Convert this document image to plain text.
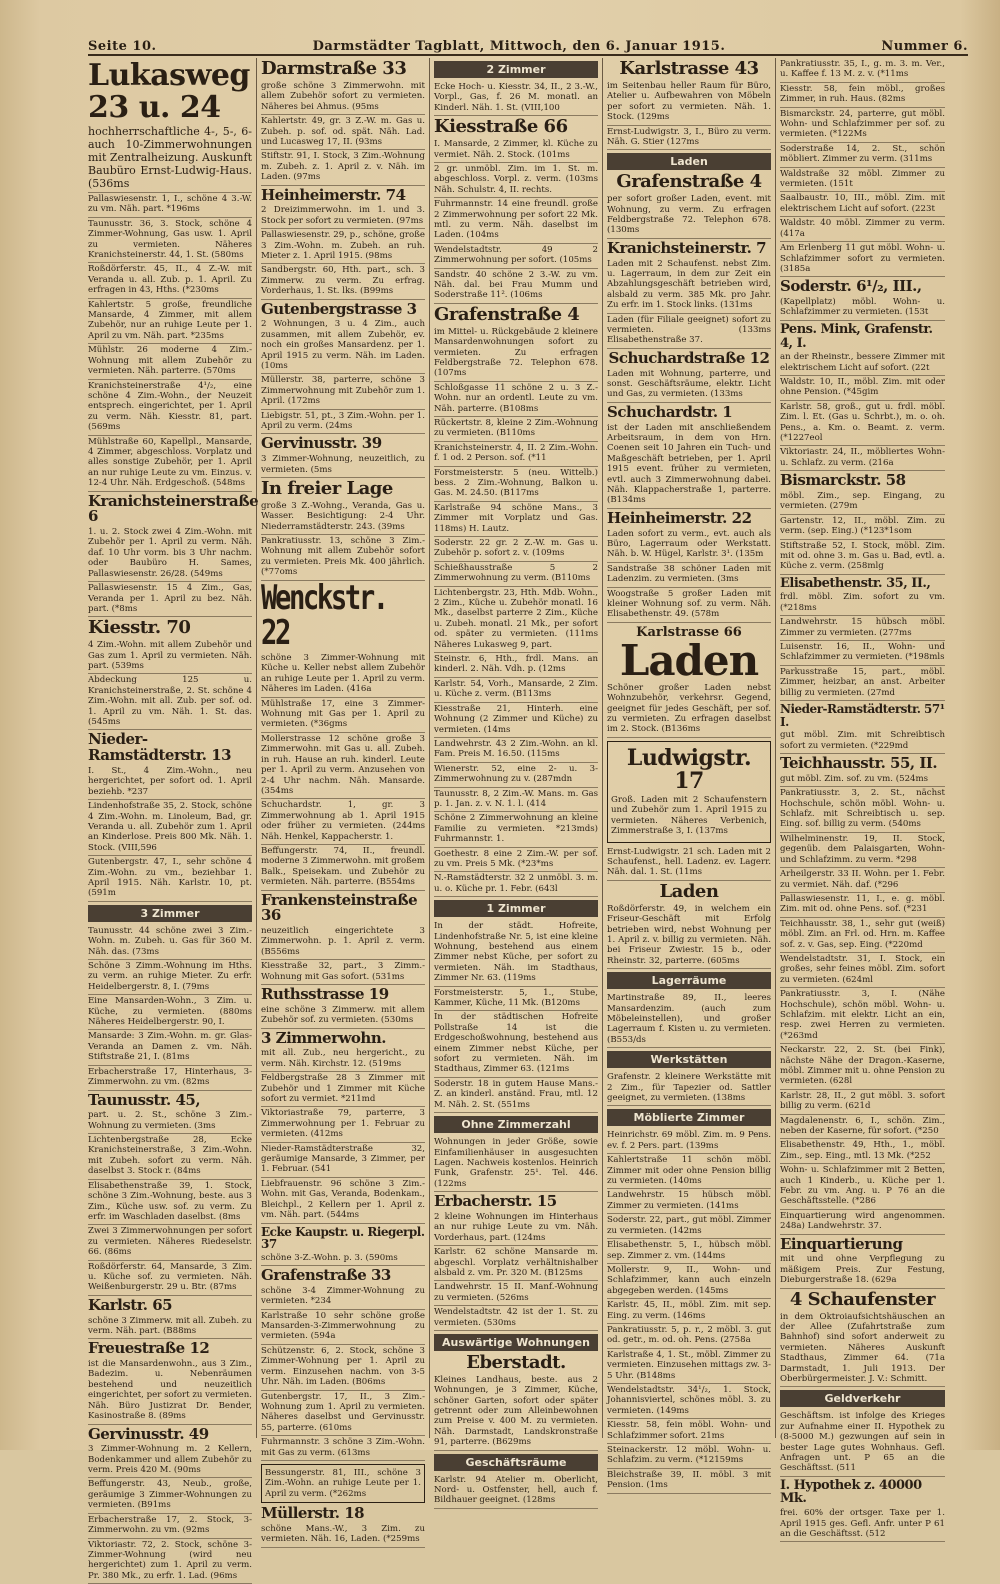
Seite 10.	Darmstädter Tagblatt, Mittwoch, den 6. Januar 1915.	Nummer 6.
Lukasweg 23 u. 24
hochherrschaftliche 4-, 5-, 6- auch 10-Zimmerwohnungen mit Zentralheizung. Auskunft Baubüro Ernst-Ludwig-Haus. (536ms
Pallaswiesenstr. 1, I., schöne 4 3.-W. zu vm. Näh. part. *196ms
Taunusstr. 36, 3. Stock, schöne 4 Zimmer-Wohnung, Gas usw. 1. April zu vermieten. Näheres Kranichsteinerstr. 44, 1. St. (580ms
Roßdörferstr. 45, II., 4 Z.-W. mit Veranda u. all. Zub. p. 1. April. Zu erfragen in 43, Hths. (*230ms
Kahlertstr. 5 große, freundliche Mansarde, 4 Zimmer, mit allem Zubehör, nur an ruhige Leute per 1. April zu vm. Näh. part. *235ms
Mühlstr. 26 moderne 4 Zim.-Wohnung mit allem Zubehör zu vermieten. Näh. parterre. (570ms
Kranichsteinerstraße 4¹/₂, eine schöne 4 Zim.-Wohn., der Neuzeit entsprech. eingerichtet, per 1. April zu verm. Näh. Kiesstr. 81, part. (569ms
Mühlstraße 60, Kapellpl., Mansarde, 4 Zimmer, abgeschloss. Vorplatz und alles sonstige Zubehör, per 1. April an nur ruhige Leute zu vm. Einzus. v. 12-4 Uhr. Näh. Erdgeschoß. (548ms
Kranichsteinerstraße 6
1. u. 2. Stock zwei 4 Zim.-Wohn. mit Zubehör per 1. April zu verm. Näh. daf. 10 Uhr vorm. bis 3 Uhr nachm. oder Baubüro H. Sames, Pallaswiesenstr. 26/28. (549ms
Pallaswiesenstr. 15 4 Zim., Gas, Veranda per 1. April zu bez. Näh. part. (*8ms
Kiesstr. 70
4 Zim.-Wohn. mit allem Zubehör und Gas zum 1. April zu vermieten. Näh. part. (539ms
Abdeckung 125 u. Kranichsteinerstraße, 2. St. schöne 4 Zim.-Wohn. mit all. Zub. per sof. od. 1. April zu vm. Näh. 1. St. das. (545ms
Nieder-Ramstädterstr. 13
I. St., 4 Zim.-Wohn., neu hergerichtet, per sofort od. 1. April beziehb. *237
Lindenhofstraße 35, 2. Stock, schöne 4 Zim.-Wohn. m. Linoleum, Bad, gr. Veranda u. all. Zubehör zum 1. April an Kinderlose. Preis 800 Mk. Näh. 1. Stock. (VIII,596
Gutenbergstr. 47, I., sehr schöne 4 Zim.-Wohn. zu vm., beziehbar 1. April 1915. Näh. Karlstr. 10, pt. (591m
3 Zimmer
Taunusstr. 44 schöne zwei 3 Zim.-Wohn. m. Zubeh. u. Gas für 360 M. Näh. das. (73ms
Schöne 3 Zimm.-Wohnung im Hths. zu verm. an ruhige Mieter. Zu erfr. Heidelbergerstr. 8, I. (79ms
Eine Mansarden-Wohn., 3 Zim. u. Küche, zu vermieten. (880ms Näheres Heidelbergerstr. 90, I.
Mansarde: 3 Zim.-Wohn. m. gr. Glas-Veranda an Damen z. vm. Näh. Stiftstraße 21, I. (81ms
Erbacherstraße 17, Hinterhaus, 3-Zimmerwohn. zu vm. (82ms
Taunusstr. 45,
part. u. 2. St., schöne 3 Zim.-Wohnung zu vermieten. (3ms
Lichtenbergstraße 28, Ecke Kranichsteinerstraße, 3 Zim.-Wohn. mit Zubeh. sofort zu verm. Näh. daselbst 3. Stock r. (84ms
Elisabethenstraße 39, 1. Stock, schöne 3 Zim.-Wohnung, beste. aus 3 Zim., Küche usw. sof. zu verm. Zu erfr. im Waschladen daselbst. (8ms
Zwei 3 Zimmerwohnungen per sofort zu vermieten. Näheres Riedeselstr. 66. (86ms
Roßdörferstr. 64, Mansarde, 3 Zim. u. Küche sof. zu vermieten. Näh. Weißenburgerstr. 29 u. Btr. (87ms
Karlstr. 65
schöne 3 Zimmerw. mit all. Zubeh. zu verm. Näh. part. (B88ms
Freuestraße 12
ist die Mansardenwohn., aus 3 Zim., Badezim. u. Nebenräumen bestehend und neuzeitlich eingerichtet, per sofort zu vermieten. Näh. Büro Justizrat Dr. Bender, Kasinostraße 8. (89ms
Gervinusstr. 49
3 Zimmer-Wohnung m. 2 Kellern, Bodenkammer und allem Zubehör zu verm. Preis 420 M. (90ms
Beffungerstr. 43, Neub., große, geräumige 3 Zimmer-Wohnungen zu vermieten. (B91ms
Erbacherstraße 17, 2. Stock, 3-Zimmerwohn. zu vm. (92ms
Viktoriastr. 72, 2. Stock, schöne 3-Zimmer-Wohnung (wird neu hergerichtet) zum 1. April zu verm. Pr. 380 Mk., zu erfr. 1. Lad. (96ms
Darmstraße 33
große schöne 3 Zimmerwohn. mit allem Zubehör sofort zu vermieten. Näheres bei Ahmus. (95ms
Kahlertstr. 49, gr. 3 Z.-W. m. Gas u. Zubeh. p. sof. od. spät. Näh. Lad. und Lucasweg 17, II. (93ms
Stiftstr. 91, I. Stock, 3 Zim.-Wohnung m. Zubeh. z. 1. April z. v. Näh. im Laden. (97ms
Heinheimerstr. 74
2 Dreizimmerwohn. im 1. und 3. Stock per sofort zu vermieten. (97ms
Pallaswiesenstr. 29, p., schöne, große 3 Zim.-Wohn. m. Zubeh. an ruh. Mieter z. 1. April 1915. (98ms
Sandbergstr. 60, Hth. part., sch. 3 Zimmerw. zu verm. Zu erfrag. Vorderhaus, 1. St. lks. (B99ms
Gutenbergstrasse 3
2 Wohnungen, 3 u. 4 Zim., auch zusammen, mit allem Zubehör, ev. noch ein großes Mansardenz. per 1. April 1915 zu verm. Näh. im Laden. (10ms
Müllerstr. 38, parterre, schöne 3 Zimmerwohnung mit Zubehör zum 1. April. (172ms
Liebigstr. 51, pt., 3 Zim.-Wohn. per 1. April zu verm. (24ms
Gervinusstr. 39
3 Zimmer-Wohnung, neuzeitlich, zu vermieten. (5ms
In freier Lage
große 3 Z.-Wohng., Veranda, Gas u. Wasser. Besichtigung: 2-4 Uhr. Niederramstädterstr. 243. (39ms
Pankratiusstr. 13, schöne 3 Zim.-Wohnung mit allem Zubehör sofort zu vermieten. Preis Mk. 400 jährlich. (*77oms
Wenckstr. 22
schöne 3 Zimmer-Wohnung mit Küche u. Keller nebst allem Zubehör an ruhige Leute per 1. April zu verm. Näheres im Laden. (416a
Mühlstraße 17, eine 3 Zimmer-Wohnung mit Gas per 1. April zu vermieten. (*36gms
Mollerstrasse 12 schöne große 3 Zimmerwohn. mit Gas u. all. Zubeh. in ruh. Hause an ruh. kinderl. Leute per 1. April zu verm. Anzusehen von 2-4 Uhr nachm. Näh. Mansarde. (354ms
Schuchardstr. 1, gr. 3 Zimmerwohnung ab 1. April 1915 oder früher zu vermieten. (244ms Näh. Henkel, Kappacherstr. 1.
Beffungerstr. 74, II., freundl. moderne 3 Zimmerwohn. mit großem Balk., Speisekam. und Zubehör zu vermieten. Näh. parterre. (B554ms
Frankensteinstraße 36
neuzeitlich eingerichtete 3 Zimmerwohn. p. 1. April z. verm. (B556ms
Kiesstraße 32, part., 3 Zimm.-Wohnung mit Gas sofort. (531ms
Ruthsstrasse 19
eine schöne 3 Zimmerw. mit allem Zubehör sof. zu vermieten. (530ms
3 Zimmerwohn.
mit all. Zub., neu hergericht., zu verm. Näh. Kirchstr. 12. (519ms
Feldbergstraße 28 3 Zimmer mit Zubehör und 1 Zimmer mit Küche sofort zu vermiet. *211md
Viktoriastraße 79, parterre, 3 Zimmerwohnung per 1. Februar zu vermieten. (412ms
Nieder-Ramstädterstraße 32, geräumige Mansarde, 3 Zimmer, per 1. Februar. (541
Liebfrauenstr. 96 schöne 3 Zim.-Wohn. mit Gas, Veranda, Bodenkam., Bleichpl., 2 Kellern per 1. April z. vm. Näh. part. (544ms
Ecke Kaupstr. u. Riegerpl. 37
schöne 3-Z.-Wohn. p. 3. (590ms
Grafenstraße 33
schöne 3-4 Zimmer-Wohnung zu vermieten. *234
Karlstraße 10 sehr schöne große Mansarden-3-Zimmerwohnung zu vermieten. (594a
Schützenstr. 6, 2. Stock, schöne 3 Zimmer-Wohnung per 1. April zu verm. Einzusehen nachm. von 3-5 Uhr. Näh. im Laden. (B06ms
Gutenbergstr. 17, II., 3 Zim.-Wohnung zum 1. April zu vermieten. Näheres daselbst und Gervinusstr. 55, parterre. (610ms
Fuhrmannstr. 3 schöne 3 Zim.-Wohn. mit Gas zu verm. (613ms
Bessungerstr. 81, III., schöne 3 Zim.-Wohn. an ruhige Leute per 1. April zu verm. (*262ms
Müllerstr. 18
schöne Mans.-W., 3 Zim. zu vermieten. Näh. 16, Laden. (*259ms
2 Zimmer
Ecke Hoch- u. Kiesstr. 34, II., 2 3.-W., Vorpl., Gas, f. 26 M. monatl. an Kinderl. Näh. 1. St. (VIII,100
Kiesstraße 66
I. Mansarde, 2 Zimmer, kl. Küche zu vermiet. Näh. 2. Stock. (101ms
2 gr. unmöbl. Zim. im 1. St. m. abgeschloss. Vorpl. z. verm. (103ms Näh. Schulstr. 4, II. rechts.
Fuhrmannstr. 14 eine freundl. große 2 Zimmerwohnung per sofort 22 Mk. mtl. zu verm. Näh. daselbst im Laden. (104ms
Wendelstadtstr. 49 2 Zimmerwohnung per sofort. (105ms
Sandstr. 40 schöne 2 3.-W. zu vm. Näh. dal. bei Frau Mumm und Soderstraße 11². (106ms
Grafenstraße 4
im Mittel- u. Rückgebäude 2 kleinere Mansardenwohnungen sofort zu vermieten. Zu erfragen Feldbergstraße 72. Telephon 678. (107ms
Schloßgasse 11 schöne 2 u. 3 Z.-Wohn. nur an ordentl. Leute zu vm. Näh. parterre. (B108ms
Rückertstr. 8, kleine 2 Zim.-Wohnung zu vermieten. (B110ms
Kranichsteinerstr. 4, II. 2 Zim.-Wohn. f. 1 od. 2 Person. sof. (*11
Forstmeisterstr. 5 (neu. Wittelb.) bess. 2 Zim.-Wohnung, Balkon u. Gas. M. 24.50. (B117ms
Karlstraße 94 schöne Mans., 3 Zimmer mit Vorplatz und Gas. 118ms) H. Lautz.
Soderstr. 22 gr. 2 Z.-W. m. Gas u. Zubehör p. sofort z. v. (109ms
Schießhausstraße 5 2 Zimmerwohnung zu verm. (B110ms
Lichtenbergstr. 23, Hth. Mdb. Wohn., 2 Zim., Küche u. Zubehör monatl. 16 Mk., daselbst parterre 2 Zim., Küche u. Zubeh. monatl. 21 Mk., per sofort od. später zu vermieten. (111ms Näheres Lukasweg 9, part.
Steinstr. 6, Hth., frdl. Mans. an kinderl. 2. Näh. Vdh. p. (12ms
Karlstr. 54, Vorh., Mansarde, 2 Zim. u. Küche z. verm. (B113ms
Kiesstraße 21, Hinterh. eine Wohnung (2 Zimmer und Küche) zu vermieten. (14ms
Landwehrstr. 43 2 Zim.-Wohn. an kl. Fam. Preis M. 16.50. (115ms
Wienerstr. 52, eine 2- u. 3-Zimmerwohnung zu v. (287mdn
Taunusstr. 8, 2 Zim.-W. Mans. m. Gas p. 1. Jan. z. v. N. 1. l. (414
Schöne 2 Zimmerwohnung an kleine Familie zu vermieten. *213mds) Fuhrmannstr. 1.
Goethestr. 8 eine 2 Zim.-W. per sof. zu vm. Preis 5 Mk. (*23*ms
N.-Ramstädterstr. 32 2 unmöbl. 3. m. u. o. Küche pr. 1. Febr. (643l
1 Zimmer
In der städt. Hofreite, Lindenhofstraße Nr. 5, ist eine kleine Wohnung, bestehend aus einem Zimmer nebst Küche, per sofort zu vermieten. Näh. im Stadthaus, Zimmer Nr. 63. (119ms
Forstmeisterstr. 5, 1., Stube, Kammer, Küche, 11 Mk. (B120ms
In der städtischen Hofreite Pollstraße 14 ist die Erdgeschoßwohnung, bestehend aus einem Zimmer nebst Küche, per sofort zu vermieten. Näh. im Stadthaus, Zimmer 63. (121ms
Soderstr. 18 in gutem Hause Mans.-Z. an kinderl. anständ. Frau, mtl. 12 M. Näh. 2. St. (551ms
Ohne Zimmerzahl
Wohnungen in jeder Größe, sowie Einfamilienhäuser in ausgesuchten Lagen. Nachweis kostenlos. Heinrich Funk, Grafenstr. 25¹. Tel. 446. (122ms
Erbacherstr. 15
2 kleine Wohnungen im Hinterhaus an nur ruhige Leute zu vm. Näh. Vorderhaus, part. (124ms
Karlstr. 62 schöne Mansarde m. abgeschl. Vorplatz verhältnishalber alsbald z. vm. Pr. 320 M. (B125ms
Landwehrstr. 15 II. Manf.-Wohnung zu vermieten. (526ms
Wendelstadtstr. 42 ist der 1. St. zu vermieten. (530ms
Auswärtige Wohnungen
Eberstadt.
Kleines Landhaus, beste. aus 2 Wohnungen, je 3 Zimmer, Küche, schöner Garten, sofort oder später getrennt oder zum Alleinbewohnen zum Preise v. 400 M. zu vermieten. Näh. Darmstadt, Landskronstraße 91, parterre. (B629ms
Geschäftsräume
Karlstr. 94 Atelier m. Oberlicht, Nord- u. Ostfenster, hell, auch f. Bildhauer geeignet. (128ms
Karlstrasse 43
im Seitenbau heller Raum für Büro, Atelier u. Aufbewahren von Möbeln per sofort zu vermieten. Näh. 1. Stock. (129ms
Ernst-Ludwigstr. 3, I., Büro zu verm. Näh. G. Stier (127ms
Laden
Grafenstraße 4
per sofort großer Laden, event. mit Wohnung, zu verm. Zu erfragen Feldbergstraße 72. Telephon 678. (130ms
Kranichsteinerstr. 7
Laden mit 2 Schaufenst. nebst Zim. u. Lagerraum, in dem zur Zeit ein Abzahlungsgeschäft betrieben wird, alsbald zu verm. 385 Mk. pro Jahr. Zu erfr. im 1. Stock links. (131ms
Laden (für Filiale geeignet) sofort zu vermieten. (133ms Elisabethenstraße 37.
Schuchardstraße 12
Laden mit Wohnung, parterre, und sonst. Geschäftsräume, elektr. Licht und Gas, zu vermieten. (133ms
Schuchardstr. 1
ist der Laden mit anschließendem Arbeitsraum, in dem von Hrn. Coenen seit 10 Jahren ein Tuch- und Maßgeschäft betrieben, per 1. April 1915 event. früher zu vermieten, evtl. auch 3 Zimmerwohnung dabei. Näh. Klappacherstraße 1, parterre. (B134ms
Heinheimerstr. 22
Laden sofort zu verm., evt. auch als Büro, Lagerraum oder Werkstatt. Näh. b. W. Hügel, Karlstr. 3¹. (135m
Sandstraße 38 schöner Laden mit Ladenzim. zu vermieten. (3ms
Woogstraße 5 großer Laden mit kleiner Wohnung sof. zu verm. Näh. Elisabethenstr. 49. (578m
Karlstrasse 66
Laden
Schöner großer Laden nebst Wohnzubehör, verkehrsr. Gegend, geeignet für jedes Geschäft, per sof. zu vermieten. Zu erfragen daselbst im 2. Stock. (B136ms
Ludwigstr. 17
Groß. Laden mit 2 Schaufenstern und Zubehör zum 1. April 1915 zu vermieten. Näheres Verbenich, Zimmerstraße 3, I. (137ms
Ernst-Ludwigstr. 21 sch. Laden mit 2 Schaufenst., hell. Ladenz. ev. Lagerr. Näh. dal. 1. St. (11ms
Laden
Roßdörferstr. 49, in welchem ein Friseur-Geschäft mit Erfolg betrieben wird, nebst Wohnung per 1. April z. v. billig zu vermieten. Näh. bei Friseur Zwiestr. 15 b., oder Rheinstr. 32, parterre. (605ms
Lagerräume
Martinstraße 89, II., leeres Mansardenzim. (auch zum Möbeleinstellen), und großer Lagerraum f. Kisten u. zu vermieten. (B553/ds
Werkstätten
Grafenstr. 2 kleinere Werkstätte mit 2 Zim., für Tapezier od. Sattler geeignet, zu vermieten. (138ms
Möblierte Zimmer
Heinrichstr. 69 möbl. Zim. m. 9 Pens. ev. f. 2 Pers. part. (139ms
Kahlertstraße 11 schön möbl. Zimmer mit oder ohne Pension billig zu vermieten. (140ms
Landwehrstr. 15 hübsch möbl. Zimmer zu vermieten. (141ms
Soderstr. 22, part., gut möbl. Zimmer zu vermieten. (142ms
Elisabethenstr. 5, I., hübsch möbl. sep. Zimmer z. vm. (144ms
Mollerstr. 9, II., Wohn- und Schlafzimmer, kann auch einzeln abgegeben werden. (145ms
Karlstr. 45, II., möbl. Zim. mit sep. Eing. zu verm. (146ms
Pankratiusstr. 5, p. r., 2 möbl. 3. gut od. getr., m. od. oh. Pens. (2758a
Karlstraße 4, 1. St., möbl. Zimmer zu vermieten. Einzusehen mittags zw. 3-5 Uhr. (B148ms
Wendelstadtstr. 34¹/₂, 1. Stock, Johannisviertel, schönes möbl. 3. zu vermieten. (149ms
Kiesstr. 58, fein möbl. Wohn- und Schlafzimmer sofort. 21ms
Steinackerstr. 12 möbl. Wohn- u. Schlafzim. zu verm. (*12159ms
Bleichstraße 39, II. möbl. 3 mit Pension. (1ms
Pankratiusstr. 35, I., g. m. 3. m. Ver., u. Kaffee f. 13 M. z. v. (*11ms
Kiesstr. 58, fein möbl., großes Zimmer, in ruh. Haus. (82ms
Bismarckstr. 24, parterre, gut möbl. Wohn- und Schlafzimmer per sof. zu vermieten. (*122Ms
Soderstraße 14, 2. St., schön möbliert. Zimmer zu verm. (311ms
Waldstraße 32 möbl. Zimmer zu vermieten. (151t
Saalbaustr. 10, III., möbl. Zim. mit elektrischem Licht auf sofort. (223t
Waldstr. 40 möbl. Zimmer zu verm. (417a
Am Erlenberg 11 gut möbl. Wohn- u. Schlafzimmer sofort zu vermieten. (3185a
Soderstr. 6¹/₂, III.,
(Kapellplatz) möbl. Wohn- u. Schlafzimmer zu vermieten. (153t
Pens. Mink, Grafenstr. 4, I.
an der Rheinstr., bessere Zimmer mit elektrischem Licht auf sofort. (22t
Waldstr. 10, II., möbl. Zim. mit oder ohne Pension. (*45gim
Karlstr. 58, groß., gut u. frdl. möbl. Zim. l. Et. (Gas u. Schrbt.), m. o. oh. Pens., a. Km. o. Beamt. z. verm. (*1227eol
Viktoriastr. 24, II., möbliertes Wohn- u. Schlafz. zu verm. (216a
Bismarckstr. 58
möbl. Zim., sep. Eingang, zu vermieten. (279m
Gartenstr. 12, II., möbl. Zim. zu verm. (sep. Eing.) (*123*1som
Stiftstraße 52, I. Stock, möbl. Zim. mit od. ohne 3. m. Gas u. Bad, evtl. a. Küche z. verm. (258mlg
Elisabethenstr. 35, II.,
frdl. möbl. Zim. sofort zu vm. (*218ms
Landwehrstr. 15 hübsch möbl. Zimmer zu vermieten. (277ms
Luisenstr. 16, II., Wohn- und Schlafzimmer zu vermieten. (*198mls
Parkusstraße 15, part., möbl. Zimmer, heizbar, an anst. Arbeiter billig zu vermieten. (27md
Nieder-Ramstädterstr. 57¹ I.
gut möbl. Zim. mit Schreibtisch sofort zu vermieten. (*229md
Teichhausstr. 55, II.
gut möbl. Zim. sof. zu vm. (524ms
Pankratiusstr. 3, 2. St., nächst Hochschule, schön möbl. Wohn- u. Schlafz. mit Schreibtisch u. sep. Eing. sof. billig zu verm. (540ms
Wilhelminenstr. 19, II. Stock, gegenüb. dem Palaisgarten, Wohn- und Schlafzimm. zu verm. *298
Arheilgerstr. 33 II. Wohn. per 1. Febr. zu vermiet. Näh. daf. (*296
Pallaswiesenstr. 11, I., e. g. möbl. Zim. mit od. ohne Pens. sof. (*231
Teichhausstr. 38, 1., sehr gut (weiß) möbl. Zim. an Frl. od. Hrn. m. Kaffee sof. z. v. Gas, sep. Eing. (*220md
Wendelstadtstr. 31, I. Stock, ein großes, sehr feines möbl. Zim. sofort zu vermieten. (624ml
Pankratiusstr. 3, I. (Nähe Hochschule), schön möbl. Wohn- u. Schlafzim. mit elektr. Licht an ein, resp. zwei Herren zu vermieten. (*263md
Neckarstr. 22, 2. St. (bei Fink), nächste Nähe der Dragon.-Kaserne, möbl. Zimmer mit u. ohne Pension zu vermieten. (628l
Karlstr. 28, II., 2 gut möbl. 3. sofort billig zu verm. (621d
Magdalenenstr. 6, I., schön. Zim., neben der Kaserne, für sofort. (*250
Elisabethenstr. 49, Hth., 1., möbl. Zim., sep. Eing., mtl. 13 Mk. (*252
Wohn- u. Schlafzimmer mit 2 Betten, auch 1 Kinderb., u. Küche per 1. Febr. zu vm. Ang. u. P 76 an die Geschäftsstelle. (*286
Einquartierung wird angenommen. 248a) Landwehrstr. 37.
Einquartierung
mit und ohne Verpflegung zu mäßigem Preis. Zur Festung, Dieburgerstraße 18. (629a
4 Schaufenster
in dem Oktroiaufsichtshäuschen an der Allee (Zufahrtstraße zum Bahnhof) sind sofort anderweit zu vermieten. Näheres Auskunft Stadthaus, Zimmer 64. (71a Darmstadt, 1. Juli 1913. Der Oberbürgermeister. J. V.: Schmitt.
Geldverkehr
Geschäftsm. ist infolge des Krieges zur Aufnahme einer II. Hypothek zu (8-5000 M.) gezwungen auf sein in bester Lage gutes Wohnhaus. Gefl. Anfragen unt. P 65 an die Geschäftsst. (511
I. Hypothek z. 40000 Mk.
frei. 60% der ortsger. Taxe per 1. April 1915 ges. Gefl. Anfr. unter P 61 an die Geschäftsst. (512
